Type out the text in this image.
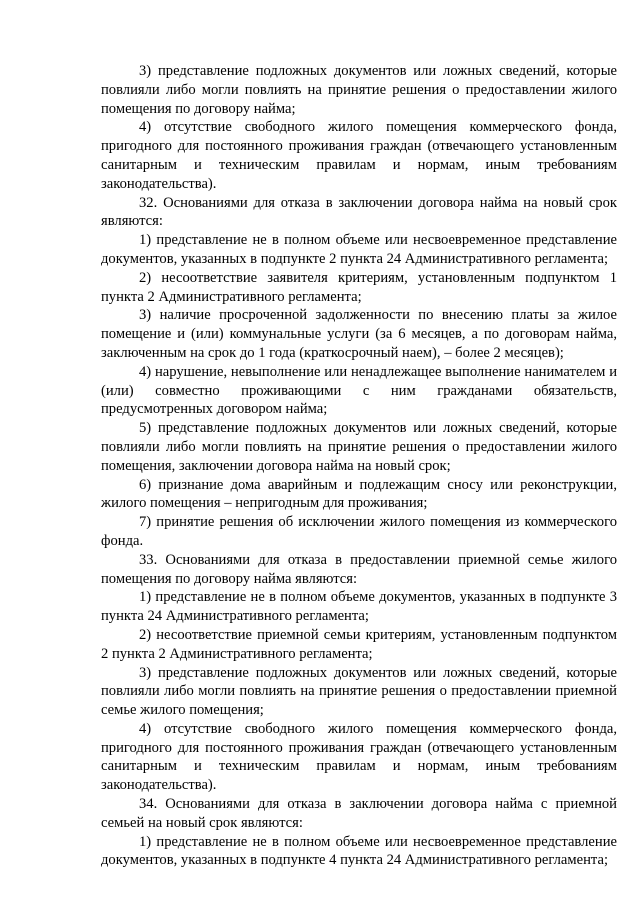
3) представление подложных документов или ложных сведений, которые повлияли либо могли повлиять на принятие решения о предоставлении жилого помещения по договору найма;

4) отсутствие свободного жилого помещения коммерческого фонда, пригодного для постоянного проживания граждан (отвечающего установленным санитарным и техническим правилам и нормам, иным требованиям законодательства).

32. Основаниями для отказа в заключении договора найма на новый срок являются:

1) представление не в полном объеме или несвоевременное представление документов, указанных в подпункте 2 пункта 24 Административного регламента;

2) несоответствие заявителя критериям, установленным подпунктом 1 пункта 2 Административного регламента;

3) наличие просроченной задолженности по внесению платы за жилое помещение и (или) коммунальные услуги (за 6 месяцев, а по договорам найма, заключенным на срок до 1 года (краткосрочный наем), – более 2 месяцев);

4) нарушение, невыполнение или ненадлежащее выполнение нанимателем и (или) совместно проживающими с ним гражданами обязательств, предусмотренных договором найма;

5) представление подложных документов или ложных сведений, которые повлияли либо могли повлиять на принятие решения о предоставлении жилого помещения, заключении договора найма на новый срок;

6) признание дома аварийным и подлежащим сносу или реконструкции, жилого помещения – непригодным для проживания;

7) принятие решения об исключении жилого помещения из коммерческого фонда.

33. Основаниями для отказа в предоставлении приемной семье жилого помещения по договору найма являются:

1) представление не в полном объеме документов, указанных в подпункте 3 пункта 24 Административного регламента;

2) несоответствие приемной семьи критериям, установленным подпунктом 2 пункта 2 Административного регламента;

3) представление подложных документов или ложных сведений, которые повлияли либо могли повлиять на принятие решения о предоставлении приемной семье жилого помещения;

4) отсутствие свободного жилого помещения коммерческого фонда, пригодного для постоянного проживания граждан (отвечающего установленным санитарным и техническим правилам и нормам, иным требованиям законодательства).

34. Основаниями для отказа в заключении договора найма с приемной семьей на новый срок являются:

1) представление не в полном объеме или несвоевременное представление документов, указанных в подпункте 4 пункта 24 Административного регламента;
